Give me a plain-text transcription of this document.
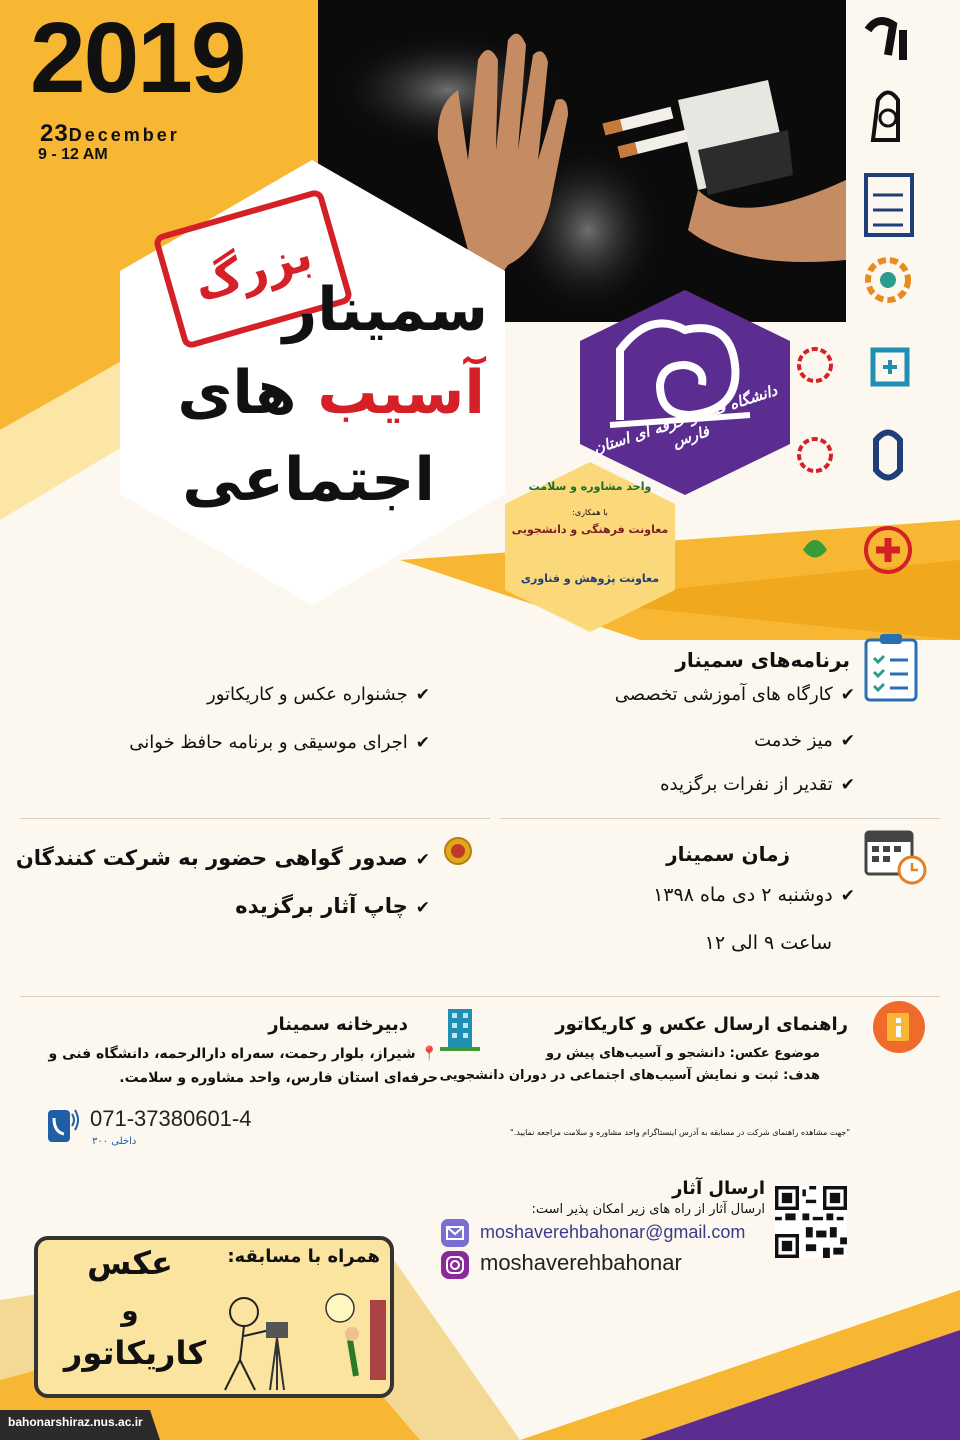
2019
23December
9 - 12 AM
بزرگ
سمینار
آسیب های
اجتماعی
دانشگاه فنی و حرفه ای استان فارس
واحد مشاوره و سلامت
با همکاری:
معاونت فرهنگی و دانشجویی
معاونت پژوهش و فناوری
برنامه‌های سمینار
✔کارگاه های آموزشی تخصصی
✔میز خدمت
✔تقدیر از نفرات برگزیده
✔جشنواره عکس و کاریکاتور
✔اجرای موسیقی و برنامه حافظ خوانی
✔صدور گواهی حضور به شرکت کنندگان
✔چاپ آثار برگزیده
زمان سمینار
✔دوشنبه ۲ دی ماه ۱۳۹۸
ساعت ۹ الی ۱۲
دبیرخانه سمینار
📍 شیراز، بلوار رحمت، سه‌راه دارالرحمه، دانشگاه فنی و
حرفه‌ای استان فارس، واحد مشاوره و سلامت.
071-37380601-4
داخلی ۳۰۰
راهنمای ارسال عکس و کاریکاتور
موضوع عکس: دانشجو و آسیب‌های پیش رو
هدف: ثبت و نمایش آسیب‌های اجتماعی در دوران دانشجویی
"جهت مشاهده راهنمای شرکت در مسابقه به آدرس اینستاگرام واحد مشاوره و سلامت مراجعه نمایید."
ارسال آثار
ارسال آثار از راه های زیر امکان پذیر است:
moshaverehbahonar@gmail.com
moshaverehbahonar
همراه با مسابقه:
عکس
و
کاریکاتور
bahonarshiraz.nus.ac.ir
